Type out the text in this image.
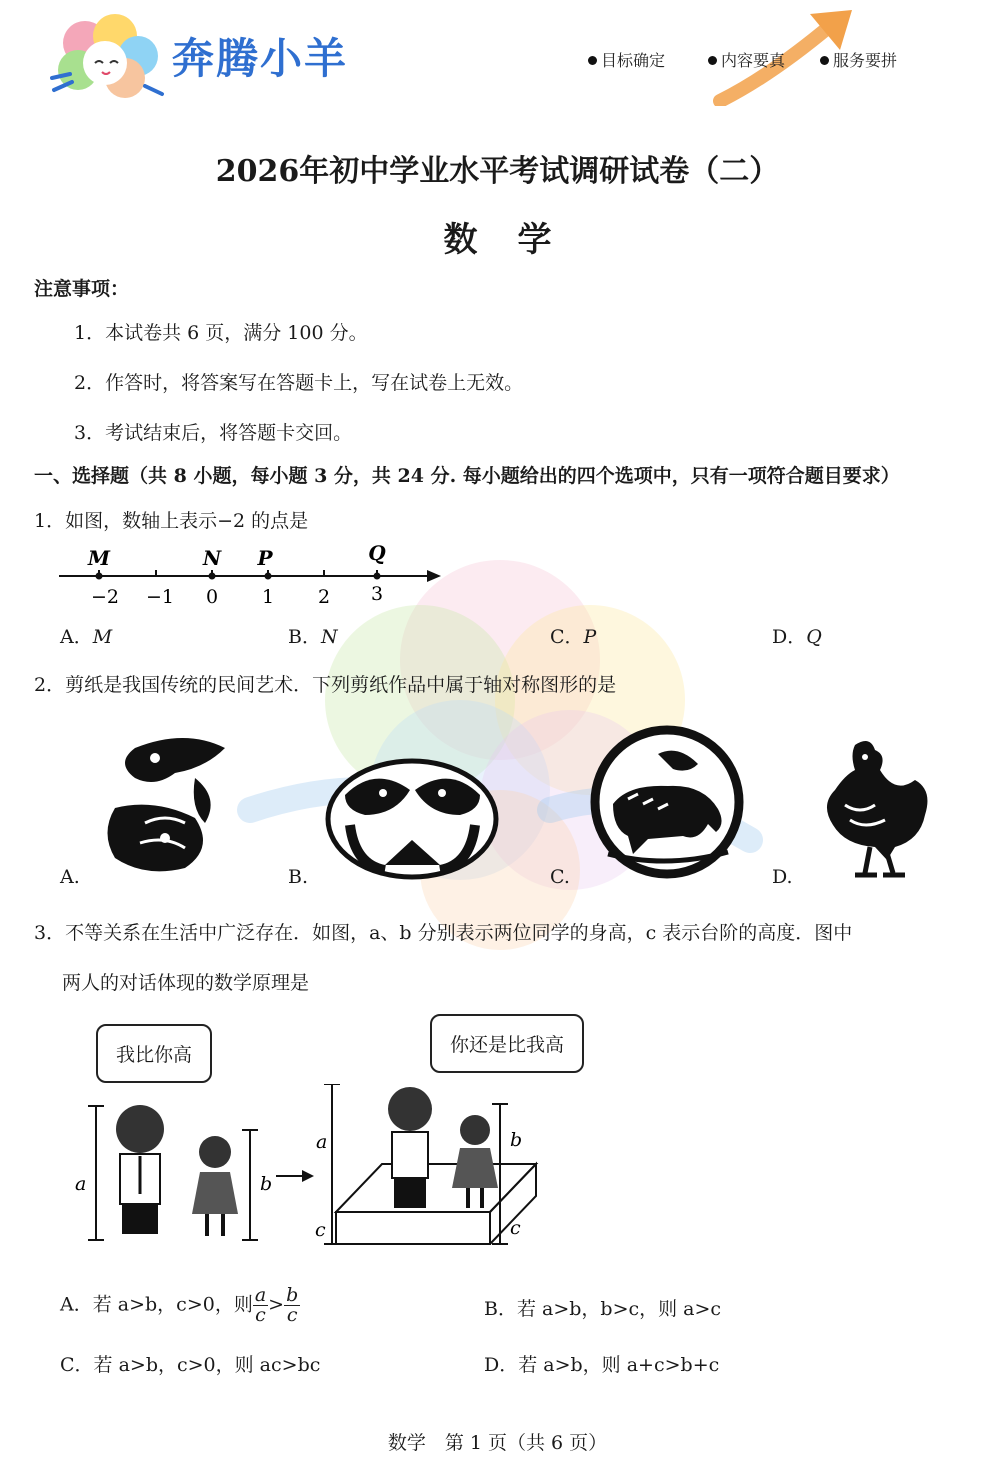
奔腾小羊	目标确定	内容要真	服务要拼
2026年初中学业水平考试调研试卷（二）
数学
注意事项：
1．本试卷共 6 页，满分 100 分。
2．作答时，将答案写在答题卡上，写在试卷上无效。
3．考试结束后，将答题卡交回。
一、选择题（共 8 小题，每小题 3 分，共 24 分. 每小题给出的四个选项中，只有一项符合题目要求）
1．如图，数轴上表示−2 的点是
M	N P	Q
−2 −1 0 1 2 3
A．M	B．N	C．P	D．Q
2．剪纸是我国传统的民间艺术．下列剪纸作品中属于轴对称图形的是
A.	B.	C.	D.
3．不等关系在生活中广泛存在．如图，a、b 分别表示两位同学的身高，c 表示台阶的高度．图中
两人的对话体现的数学原理是
我比你高	你还是比我高
a	b
a	b
c	c
A．若 a>b，c>0，则 $\frac{a}{c} > \frac{b}{c}$	B．若 a>b，b>c，则 a>c
C．若 a>b，c>0，则 ac>bc	D．若 a>b，则 a+c>b+c
数学　第 1 页（共 6 页）
